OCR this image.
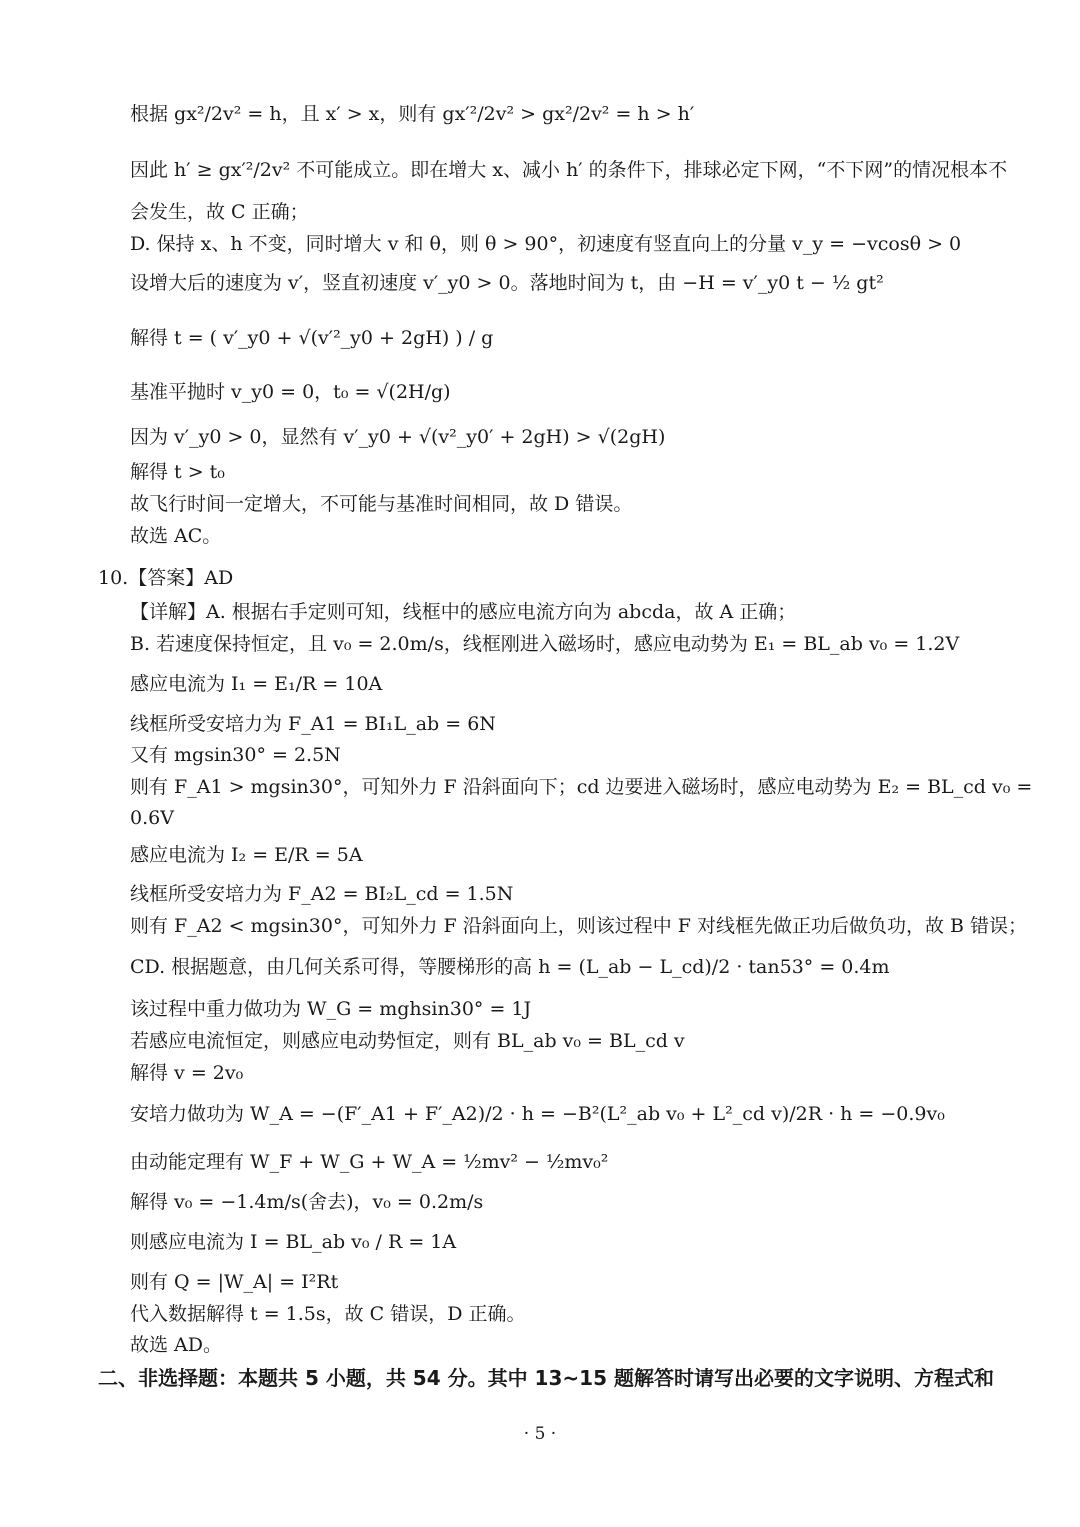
根据 gx²/2v² = h，且 x′ > x，则有 gx′²/2v² > gx²/2v² = h > h′
因此 h′ ≥ gx′²/2v² 不可能成立。即在增大 x、减小 h′ 的条件下，排球必定下网，“不下网”的情况根本不
会发生，故 C 正确；
D. 保持 x、h 不变，同时增大 v 和 θ，则 θ > 90°，初速度有竖直向上的分量 v_y = −vcosθ > 0
设增大后的速度为 v′，竖直初速度 v′_y0 > 0。落地时间为 t，由 −H = v′_y0 t − ½ gt²
解得 t = ( v′_y0 + √(v′²_y0 + 2gH) ) / g
基准平抛时 v_y0 = 0，t₀ = √(2H/g)
因为 v′_y0 > 0，显然有 v′_y0 + √(v²_y0′ + 2gH) > √(2gH)
解得 t > t₀
故飞行时间一定增大，不可能与基准时间相同，故 D 错误。
故选 AC。
10.【答案】AD
【详解】A. 根据右手定则可知，线框中的感应电流方向为 abcda，故 A 正确；
B. 若速度保持恒定，且 v₀ = 2.0m/s，线框刚进入磁场时，感应电动势为 E₁ = BL_ab v₀ = 1.2V
感应电流为 I₁ = E₁/R = 10A
线框所受安培力为 F_A1 = BI₁L_ab = 6N
又有 mgsin30° = 2.5N
则有 F_A1 > mgsin30°，可知外力 F 沿斜面向下；cd 边要进入磁场时，感应电动势为 E₂ = BL_cd v₀ =
0.6V
感应电流为 I₂ = E/R = 5A
线框所受安培力为 F_A2 = BI₂L_cd = 1.5N
则有 F_A2 < mgsin30°，可知外力 F 沿斜面向上，则该过程中 F 对线框先做正功后做负功，故 B 错误；
CD. 根据题意，由几何关系可得，等腰梯形的高 h = (L_ab − L_cd)/2 · tan53° = 0.4m
该过程中重力做功为 W_G = mghsin30° = 1J
若感应电流恒定，则感应电动势恒定，则有 BL_ab v₀ = BL_cd v
解得 v = 2v₀
安培力做功为 W_A = −(F′_A1 + F′_A2)/2 · h = −B²(L²_ab v₀ + L²_cd v)/2R · h = −0.9v₀
由动能定理有 W_F + W_G + W_A = ½mv² − ½mv₀²
解得 v₀ = −1.4m/s(舍去)，v₀ = 0.2m/s
则感应电流为 I = BL_ab v₀ / R = 1A
则有 Q = |W_A| = I²Rt
代入数据解得 t = 1.5s，故 C 错误，D 正确。
故选 AD。
二、非选择题：本题共 5 小题，共 54 分。其中 13~15 题解答时请写出必要的文字说明、方程式和
· 5 ·
